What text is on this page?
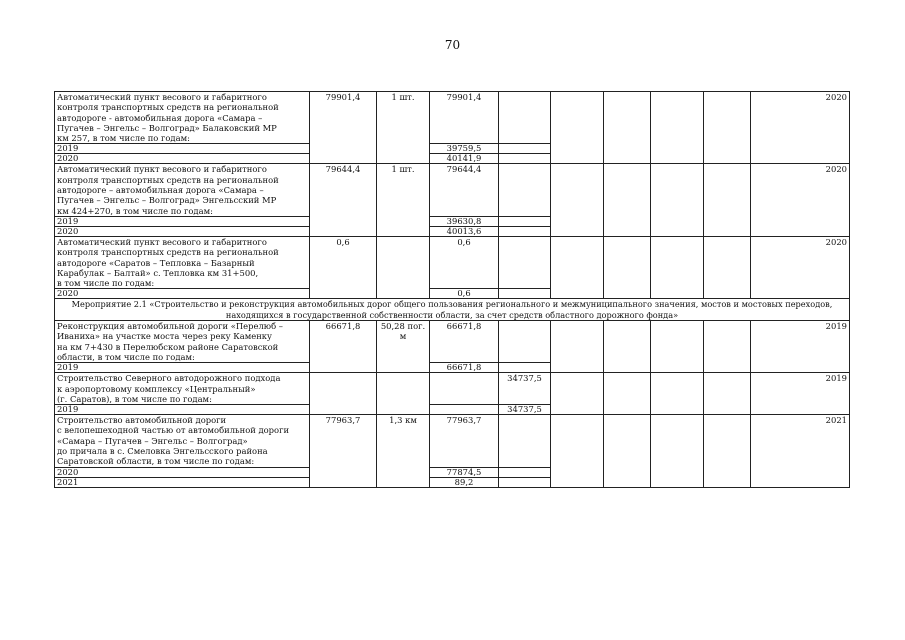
70
Автоматический пункт весового и габаритного
контроля транспортных средств на региональной
автодороге - автомобильная дорога «Самара –
Пугачев – Энгельс – Волгоград» Балаковский МР
км 257, в том числе по годам:	79901,4	1 шт.	79901,4						2020
2019			39759,5						
2020			40141,9						
Автоматический пункт весового и габаритного
контроля транспортных средств на региональной
автодороге – автомобильная дорога «Самара –
Пугачев – Энгельс – Волгоград» Энгельсский МР
км 424+270, в том числе по годам:	79644,4	1 шт.	79644,4						2020
2019			39630,8						
2020			40013,6						
Автоматический пункт весового и габаритного
контроля транспортных средств на региональной
автодороге «Саратов – Тепловка – Базарный
Карабулак – Балтай» с. Тепловка км 31+500,
в том числе по годам:	0,6		0,6						2020
2020			0,6						
Мероприятие 2.1 «Строительство и реконструкция автомобильных дорог общего пользования регионального и межмуниципального значения, мостов и мостовых переходов, находящихся в государственной собственности области, за счет средств областного дорожного фонда»									
Реконструкция автомобильной дороги «Перелюб –
Иваниха» на участке моста через реку Каменку
на км 7+430 в Перелюбском районе Саратовской
области, в том числе по годам:	66671,8	50,28 пог. м	66671,8						2019
2019			66671,8						
Строительство Северного автодорожного подхода
к аэропортовому комплексу «Центральный»
(г. Саратов), в том числе по годам:				34737,5					2019
2019				34737,5					
Строительство автомобильной дороги
с велопешеходной частью от автомобильной дороги
«Самара – Пугачев – Энгельс – Волгоград»
до причала в с. Смеловка Энгельсского района
Саратовской области, в том числе по годам:	77963,7	1,3 км	77963,7						2021
2020			77874,5						
2021			89,2						
